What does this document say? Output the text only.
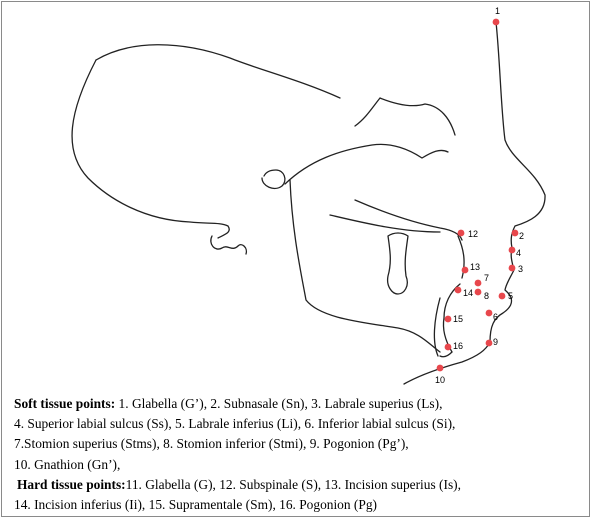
1
2
3
4
5
6
7
8
9
10
12
13
14
15
16

Soft tissue points: 1. Glabella (G’), 2. Subnasale (Sn), 3. Labrale superius (Ls),

4. Superior labial sulcus (Ss), 5. Labrale inferius (Li), 6. Inferior labial sulcus (Si),

7.Stomion superius (Stms), 8. Stomion inferior (Stmi), 9. Pogonion (Pg’),

10. Gnathion (Gn’),

Hard tissue points:11. Glabella (G), 12. Subspinale (S), 13. Incision superius (Is),

14. Incision inferius (Ii), 15. Supramentale (Sm), 16. Pogonion (Pg)
